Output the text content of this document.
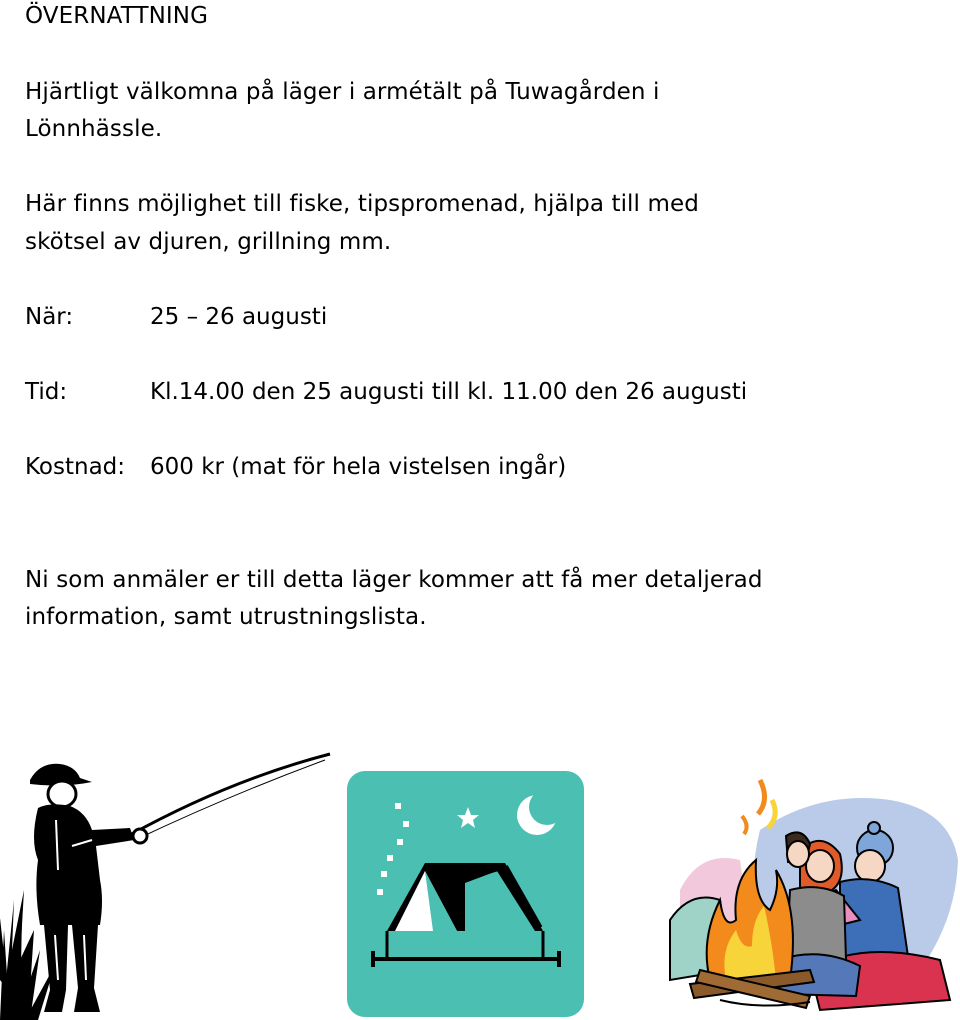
ÖVERNATTNING
Hjärtligt välkomna på läger i armétält på Tuwagården i
Lönnhässle.
Här finns möjlighet till fiske, tipspromenad, hjälpa till med
skötsel av djuren, grillning mm.
När:	25 – 26 augusti
Tid:	Kl.14.00 den 25 augusti till kl. 11.00 den 26 augusti
Kostnad: 600 kr (mat för hela vistelsen ingår)
Ni som anmäler er till detta läger kommer att få mer detaljerad
information, samt utrustningslista.
